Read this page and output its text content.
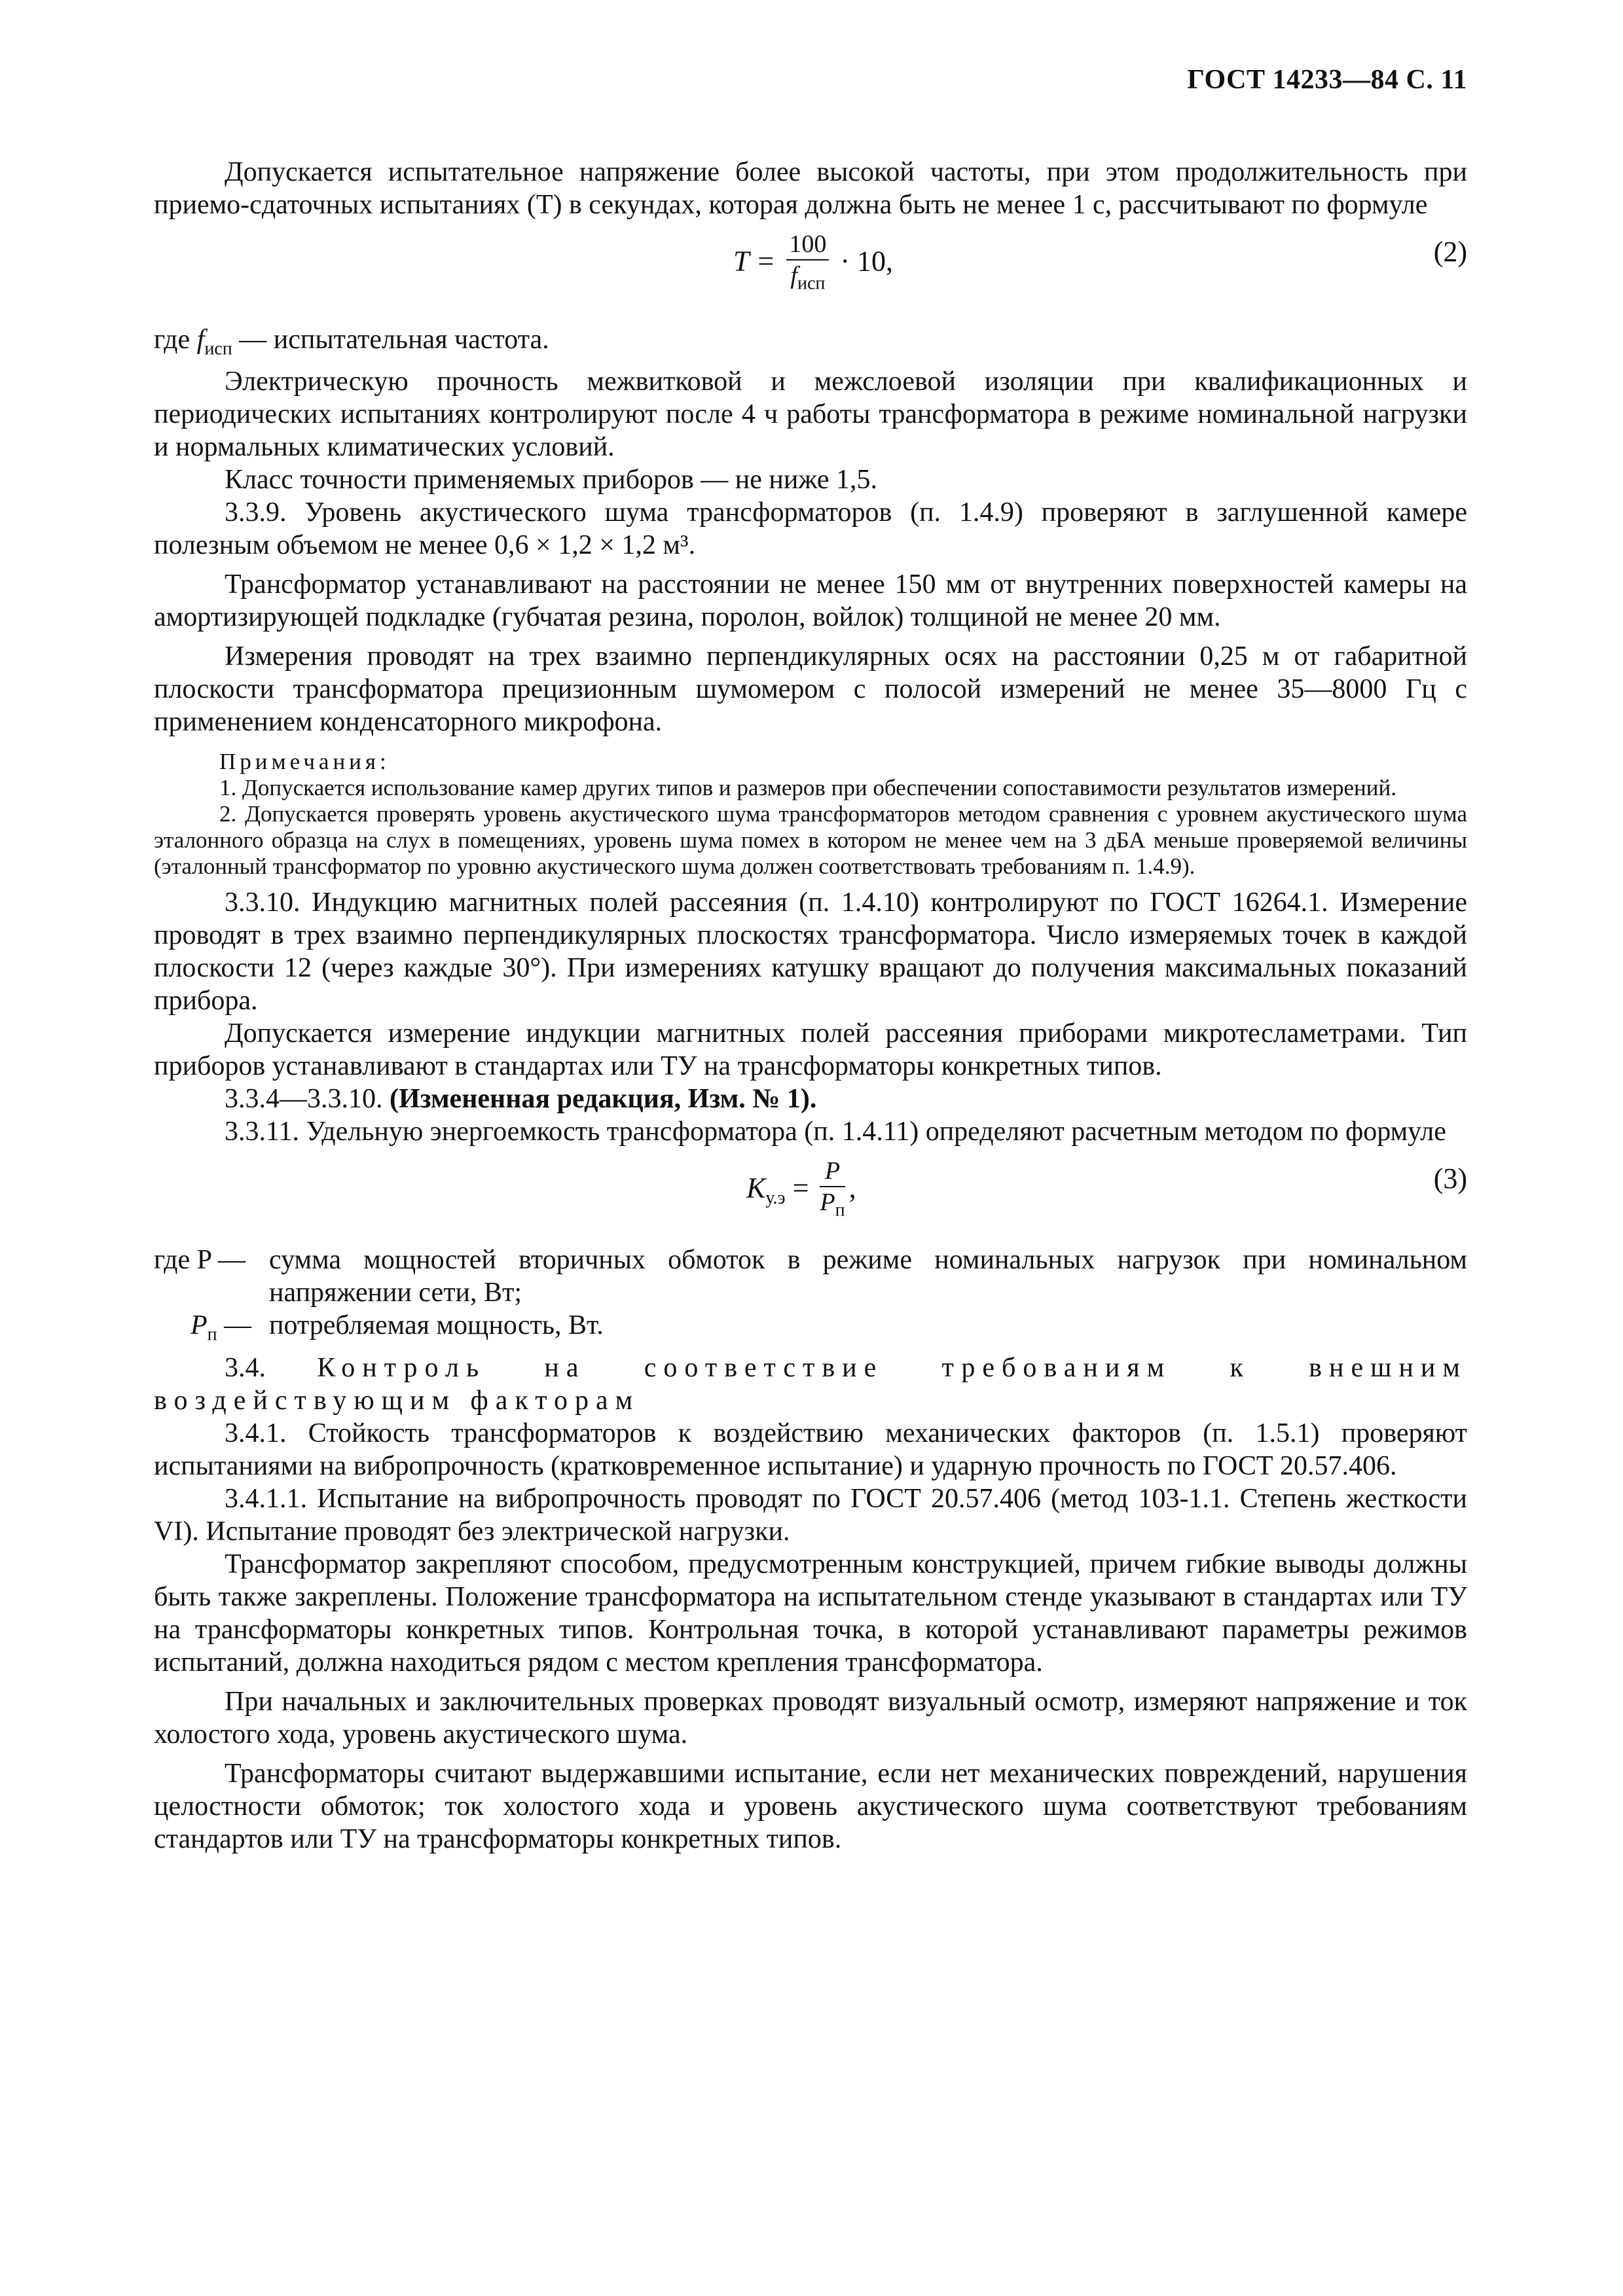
ГОСТ 14233—84 С. 11

Допускается испытательное напряжение более высокой частоты, при этом продолжительность при приемо-сдаточных испытаниях (T) в секундах, которая должна быть не менее 1 с, рассчитывают по формуле

$T = \frac{100}{f_{исп}} \cdot 10$,	(2)

где $f_{исп}$ — испытательная частота.

Электрическую прочность межвитковой и межслоевой изоляции при квалификационных и периодических испытаниях контролируют после 4 ч работы трансформатора в режиме номинальной нагрузки и нормальных климатических условий.

Класс точности применяемых приборов — не ниже 1,5.

3.3.9. Уровень акустического шума трансформаторов (п. 1.4.9) проверяют в заглушенной камере полезным объемом не менее 0,6 × 1,2 × 1,2 м³.

Трансформатор устанавливают на расстоянии не менее 150 мм от внутренних поверхностей камеры на амортизирующей подкладке (губчатая резина, поролон, войлок) толщиной не менее 20 мм.

Измерения проводят на трех взаимно перпендикулярных осях на расстоянии 0,25 м от габаритной плоскости трансформатора прецизионным шумомером с полосой измерений не менее 35—8000 Гц с применением конденсаторного микрофона.

Примечания:
1. Допускается использование камер других типов и размеров при обеспечении сопоставимости результатов измерений.
2. Допускается проверять уровень акустического шума трансформаторов методом сравнения с уровнем акустического шума эталонного образца на слух в помещениях, уровень шума помех в котором не менее чем на 3 дБА меньше проверяемой величины (эталонный трансформатор по уровню акустического шума должен соответствовать требованиям п. 1.4.9).

3.3.10. Индукцию магнитных полей рассеяния (п. 1.4.10) контролируют по ГОСТ 16264.1. Измерение проводят в трех взаимно перпендикулярных плоскостях трансформатора. Число измеряемых точек в каждой плоскости 12 (через каждые 30°). При измерениях катушку вращают до получения максимальных показаний прибора.

Допускается измерение индукции магнитных полей рассеяния приборами микротесламетрами. Тип приборов устанавливают в стандартах или ТУ на трансформаторы конкретных типов.

3.3.4—3.3.10. (Измененная редакция, Изм. № 1).

3.3.11. Удельную энергоемкость трансформатора (п. 1.4.11) определяют расчетным методом по формуле

$K_{у.э} = \frac{P}{P_п}$ ,	(3)
где P — сумма мощностей вторичных обмоток в режиме номинальных нагрузок при номинальном напряжении сети, Вт;
$P_п$ — потребляемая мощность, Вт.

3.4. Контроль на соответствие требованиям к внешним воздействующим факторам

3.4.1. Стойкость трансформаторов к воздействию механических факторов (п. 1.5.1) проверяют испытаниями на вибропрочность (кратковременное испытание) и ударную прочность по ГОСТ 20.57.406.

3.4.1.1. Испытание на вибропрочность проводят по ГОСТ 20.57.406 (метод 103-1.1. Степень жесткости VI). Испытание проводят без электрической нагрузки.

Трансформатор закрепляют способом, предусмотренным конструкцией, причем гибкие выводы должны быть также закреплены. Положение трансформатора на испытательном стенде указывают в стандартах или ТУ на трансформаторы конкретных типов. Контрольная точка, в которой устанавливают параметры режимов испытаний, должна находиться рядом с местом крепления трансформатора.

При начальных и заключительных проверках проводят визуальный осмотр, измеряют напряжение и ток холостого хода, уровень акустического шума.

Трансформаторы считают выдержавшими испытание, если нет механических повреждений, нарушения целостности обмоток; ток холостого хода и уровень акустического шума соответствуют требованиям стандартов или ТУ на трансформаторы конкретных типов.
